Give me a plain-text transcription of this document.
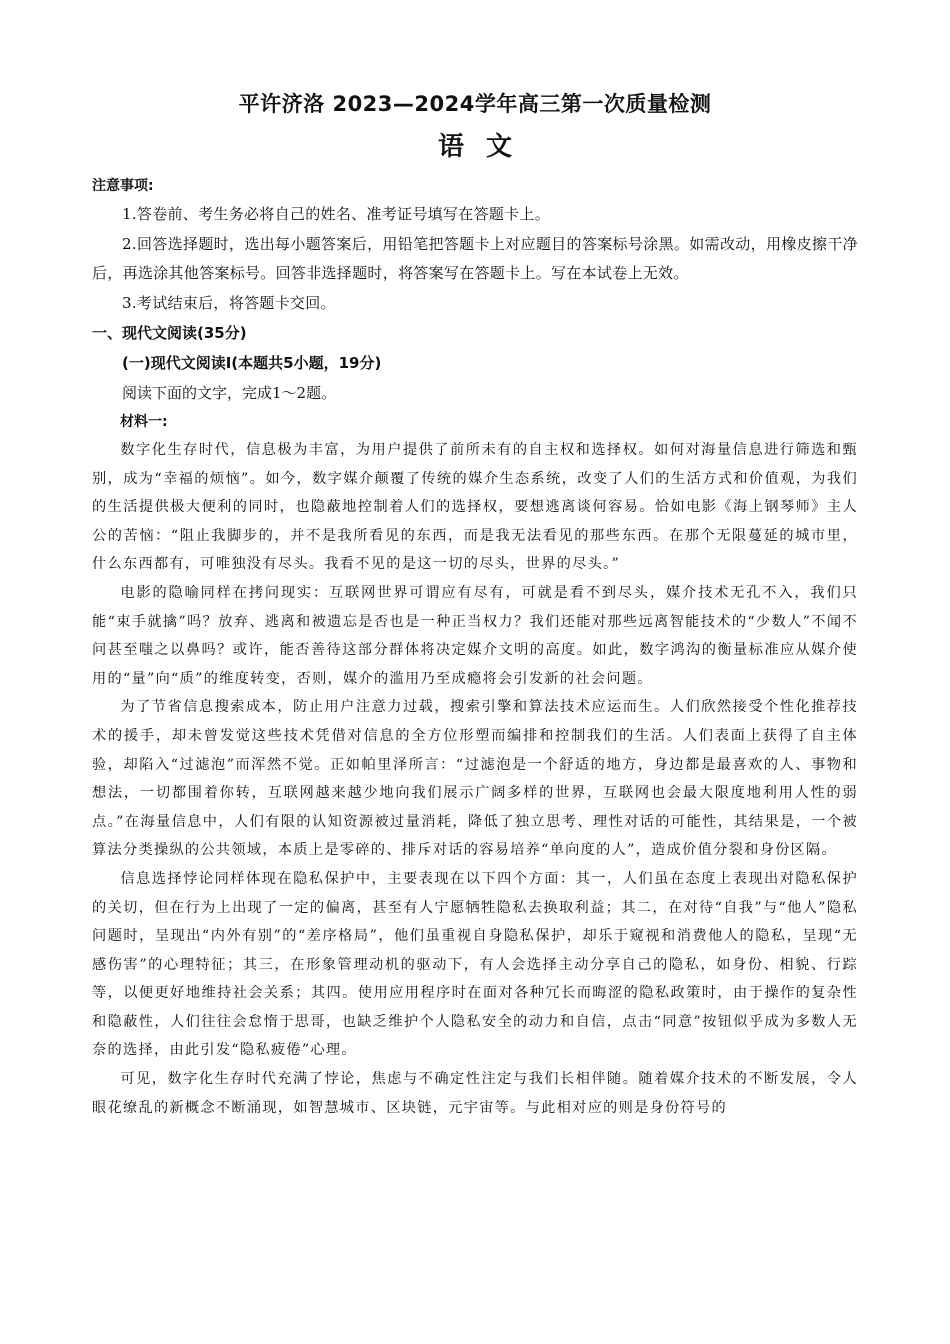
平许济洛 2023—2024学年高三第一次质量检测
语文

注意事项:

1.答卷前、考生务必将自己的姓名、准考证号填写在答题卡上。

2.回答选择题时，选出每小题答案后，用铅笔把答题卡上对应题目的答案标号涂黑。如需改动，用橡皮擦干净后，再选涂其他答案标号。回答非选择题时，将答案写在答题卡上。写在本试卷上无效。

3.考试结束后，将答题卡交回。

一、现代文阅读(35分)

(一)现代文阅读Ⅰ(本题共5小题，19分)

阅读下面的文字，完成1～2题。

材料一:

数字化生存时代，信息极为丰富，为用户提供了前所未有的自主权和选择权。如何对海量信息进行筛选和甄别，成为“幸福的烦恼”。如今，数字媒介颠覆了传统的媒介生态系统，改变了人们的生活方式和价值观，为我们的生活提供极大便利的同时，也隐蔽地控制着人们的选择权，要想逃离谈何容易。恰如电影《海上钢琴师》主人公的苦恼：“阻止我脚步的，并不是我所看见的东西，而是我无法看见的那些东西。在那个无限蔓延的城市里，什么东西都有，可唯独没有尽头。我看不见的是这一切的尽头，世界的尽头。”

电影的隐喻同样在拷问现实：互联网世界可谓应有尽有，可就是看不到尽头，媒介技术无孔不入，我们只能“束手就擒”吗？放弃、逃离和被遗忘是否也是一种正当权力？我们还能对那些远离智能技术的“少数人”不闻不问甚至嗤之以鼻吗？或许，能否善待这部分群体将决定媒介文明的高度。如此，数字鸿沟的衡量标准应从媒介使用的“量”向“质”的维度转变，否则，媒介的滥用乃至成瘾将会引发新的社会问题。

为了节省信息搜索成本，防止用户注意力过载，搜索引擎和算法技术应运而生。人们欣然接受个性化推荐技术的援手，却未曾发觉这些技术凭借对信息的全方位形塑而编排和控制我们的生活。人们表面上获得了自主体验，却陷入“过滤泡”而浑然不觉。正如帕里泽所言：“过滤泡是一个舒适的地方，身边都是最喜欢的人、事物和想法，一切都围着你转，互联网越来越少地向我们展示广阔多样的世界，互联网也会最大限度地利用人性的弱点。”在海量信息中，人们有限的认知资源被过量消耗，降低了独立思考、理性对话的可能性，其结果是，一个被算法分类操纵的公共领域，本质上是零碎的、排斥对话的容易培养“单向度的人”，造成价值分裂和身份区隔。

信息选择悖论同样体现在隐私保护中，主要表现在以下四个方面：其一，人们虽在态度上表现出对隐私保护的关切，但在行为上出现了一定的偏离，甚至有人宁愿牺牲隐私去换取利益；其二，在对待“自我”与“他人”隐私问题时，呈现出“内外有别”的“差序格局”，他们虽重视自身隐私保护，却乐于窥视和消费他人的隐私，呈现“无感伤害”的心理特征；其三，在形象管理动机的驱动下，有人会选择主动分享自己的隐私，如身份、相貌、行踪等，以便更好地维持社会关系；其四。使用应用程序时在面对各种冗长而晦涩的隐私政策时，由于操作的复杂性和隐蔽性，人们往往会怠惰于思哥，也缺乏维护个人隐私安全的动力和自信，点击“同意”按钮似乎成为多数人无奈的选择，由此引发“隐私疲倦”心理。

可见，数字化生存时代充满了悖论，焦虑与不确定性注定与我们长相伴随。随着媒介技术的不断发展，令人眼花缭乱的新概念不断涌现，如智慧城市、区块链，元宇宙等。与此相对应的则是身份符号的
